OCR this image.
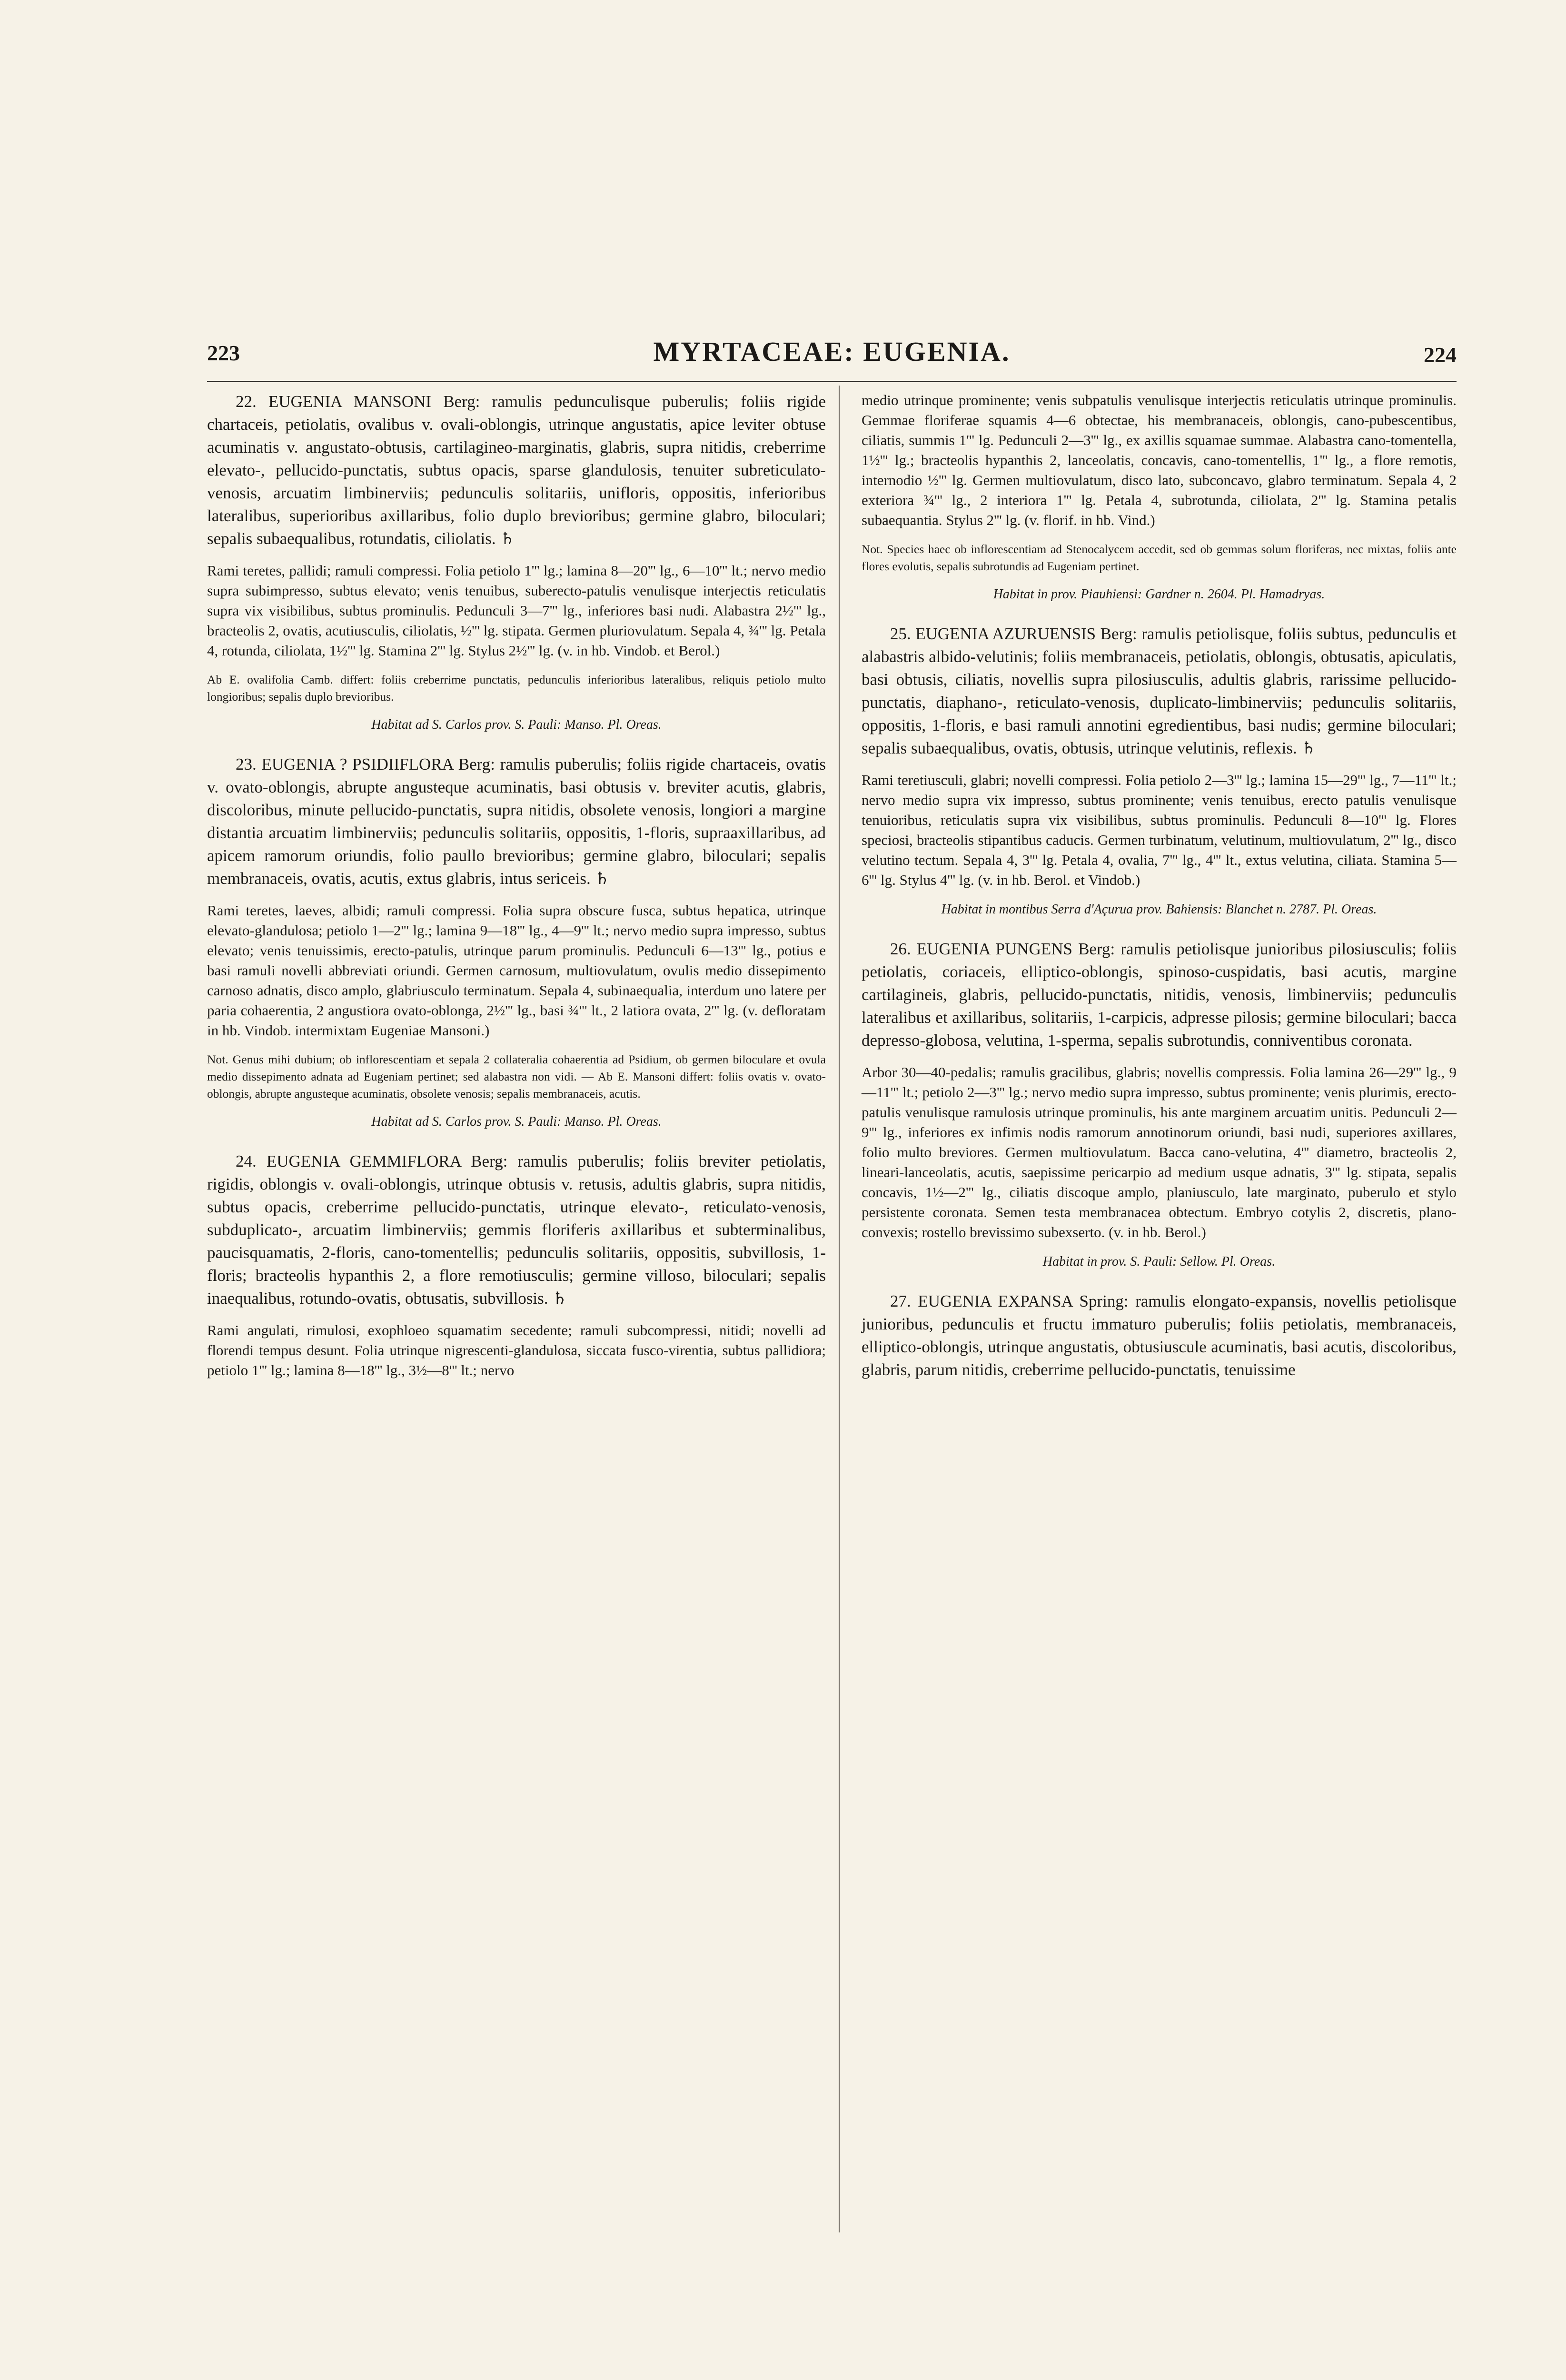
223	MYRTACEAE: EUGENIA.	224

22. EUGENIA MANSONI Berg: ramulis pedunculisque puberulis; foliis rigide chartaceis, petiolatis, ovalibus v. ovali-oblongis, utrinque angustatis, apice leviter obtuse acuminatis v. angustato-obtusis, cartilagineo-marginatis, glabris, supra nitidis, creberrime elevato-, pellucido-punctatis, subtus opacis, sparse glandulosis, tenuiter subreticulato-venosis, arcuatim limbinerviis; pedunculis solitariis, unifloris, oppositis, inferioribus lateralibus, superioribus axillaribus, folio duplo brevioribus; germine glabro, biloculari; sepalis subaequalibus, rotundatis, ciliolatis. ♄

Rami teretes, pallidi; ramuli compressi. Folia petiolo 1''' lg.; lamina 8—20''' lg., 6—10''' lt.; nervo medio supra subimpresso, subtus elevato; venis tenuibus, suberecto-patulis venulisque interjectis reticulatis supra vix visibilibus, subtus prominulis. Pedunculi 3—7''' lg., inferiores basi nudi. Alabastra 2½''' lg., bracteolis 2, ovatis, acutiusculis, ciliolatis, ½''' lg. stipata. Germen pluriovulatum. Sepala 4, ¾''' lg. Petala 4, rotunda, ciliolata, 1½''' lg. Stamina 2''' lg. Stylus 2½''' lg. (v. in hb. Vindob. et Berol.)

Ab E. ovalifolia Camb. differt: foliis creberrime punctatis, pedunculis inferioribus lateralibus, reliquis petiolo multo longioribus; sepalis duplo brevioribus.

Habitat ad S. Carlos prov. S. Pauli: Manso. Pl. Oreas.

23. EUGENIA ? PSIDIIFLORA Berg: ramulis puberulis; foliis rigide chartaceis, ovatis v. ovato-oblongis, abrupte angusteque acuminatis, basi obtusis v. breviter acutis, glabris, discoloribus, minute pellucido-punctatis, supra nitidis, obsolete venosis, longiori a margine distantia arcuatim limbinerviis; pedunculis solitariis, oppositis, 1-floris, supraaxillaribus, ad apicem ramorum oriundis, folio paullo brevioribus; germine glabro, biloculari; sepalis membranaceis, ovatis, acutis, extus glabris, intus sericeis. ♄

Rami teretes, laeves, albidi; ramuli compressi. Folia supra obscure fusca, subtus hepatica, utrinque elevato-glandulosa; petiolo 1—2''' lg.; lamina 9—18''' lg., 4—9''' lt.; nervo medio supra impresso, subtus elevato; venis tenuissimis, erecto-patulis, utrinque parum prominulis. Pedunculi 6—13''' lg., potius e basi ramuli novelli abbreviati oriundi. Germen carnosum, multiovulatum, ovulis medio dissepimento carnoso adnatis, disco amplo, glabriusculo terminatum. Sepala 4, subinaequalia, interdum uno latere per paria cohaerentia, 2 angustiora ovato-oblonga, 2½''' lg., basi ¾''' lt., 2 latiora ovata, 2''' lg. (v. defloratam in hb. Vindob. intermixtam Eugeniae Mansoni.)

Not. Genus mihi dubium; ob inflorescentiam et sepala 2 collateralia cohaerentia ad Psidium, ob germen biloculare et ovula medio dissepimento adnata ad Eugeniam pertinet; sed alabastra non vidi. — Ab E. Mansoni differt: foliis ovatis v. ovato-oblongis, abrupte angusteque acuminatis, obsolete venosis; sepalis membranaceis, acutis.

Habitat ad S. Carlos prov. S. Pauli: Manso. Pl. Oreas.

24. EUGENIA GEMMIFLORA Berg: ramulis puberulis; foliis breviter petiolatis, rigidis, oblongis v. ovali-oblongis, utrinque obtusis v. retusis, adultis glabris, supra nitidis, subtus opacis, creberrime pellucido-punctatis, utrinque elevato-, reticulato-venosis, subduplicato-, arcuatim limbinerviis; gemmis floriferis axillaribus et subterminalibus, paucisquamatis, 2-floris, cano-tomentellis; pedunculis solitariis, oppositis, subvillosis, 1-floris; bracteolis hypanthis 2, a flore remotiusculis; germine villoso, biloculari; sepalis inaequalibus, rotundo-ovatis, obtusatis, subvillosis. ♄

Rami angulati, rimulosi, exophloeo squamatim secedente; ramuli subcompressi, nitidi; novelli ad florendi tempus desunt. Folia utrinque nigrescenti-glandulosa, siccata fusco-virentia, subtus pallidiora; petiolo 1''' lg.; lamina 8—18''' lg., 3½—8''' lt.; nervo

medio utrinque prominente; venis subpatulis venulisque interjectis reticulatis utrinque prominulis. Gemmae floriferae squamis 4—6 obtectae, his membranaceis, oblongis, cano-pubescentibus, ciliatis, summis 1''' lg. Pedunculi 2—3''' lg., ex axillis squamae summae. Alabastra cano-tomentella, 1½''' lg.; bracteolis hypanthis 2, lanceolatis, concavis, cano-tomentellis, 1''' lg., a flore remotis, internodio ½''' lg. Germen multiovulatum, disco lato, subconcavo, glabro terminatum. Sepala 4, 2 exteriora ¾''' lg., 2 interiora 1''' lg. Petala 4, subrotunda, ciliolata, 2''' lg. Stamina petalis subaequantia. Stylus 2''' lg. (v. florif. in hb. Vind.)

Not. Species haec ob inflorescentiam ad Stenocalycem accedit, sed ob gemmas solum floriferas, nec mixtas, foliis ante flores evolutis, sepalis subrotundis ad Eugeniam pertinet.

Habitat in prov. Piauhiensi: Gardner n. 2604. Pl. Hamadryas.

25. EUGENIA AZURUENSIS Berg: ramulis petiolisque, foliis subtus, pedunculis et alabastris albido-velutinis; foliis membranaceis, petiolatis, oblongis, obtusatis, apiculatis, basi obtusis, ciliatis, novellis supra pilosiusculis, adultis glabris, rarissime pellucido-punctatis, diaphano-, reticulato-venosis, duplicato-limbinerviis; pedunculis solitariis, oppositis, 1-floris, e basi ramuli annotini egredientibus, basi nudis; germine biloculari; sepalis subaequalibus, ovatis, obtusis, utrinque velutinis, reflexis. ♄

Rami teretiusculi, glabri; novelli compressi. Folia petiolo 2—3''' lg.; lamina 15—29''' lg., 7—11''' lt.; nervo medio supra vix impresso, subtus prominente; venis tenuibus, erecto patulis venulisque tenuioribus, reticulatis supra vix visibilibus, subtus prominulis. Pedunculi 8—10''' lg. Flores speciosi, bracteolis stipantibus caducis. Germen turbinatum, velutinum, multiovulatum, 2''' lg., disco velutino tectum. Sepala 4, 3''' lg. Petala 4, ovalia, 7''' lg., 4''' lt., extus velutina, ciliata. Stamina 5—6''' lg. Stylus 4''' lg. (v. in hb. Berol. et Vindob.)

Habitat in montibus Serra d'Açurua prov. Bahiensis: Blanchet n. 2787. Pl. Oreas.

26. EUGENIA PUNGENS Berg: ramulis petiolisque junioribus pilosiusculis; foliis petiolatis, coriaceis, elliptico-oblongis, spinoso-cuspidatis, basi acutis, margine cartilagineis, glabris, pellucido-punctatis, nitidis, venosis, limbinerviis; pedunculis lateralibus et axillaribus, solitariis, 1-carpicis, adpresse pilosis; germine biloculari; bacca depresso-globosa, velutina, 1-sperma, sepalis subrotundis, conniventibus coronata.

Arbor 30—40-pedalis; ramulis gracilibus, glabris; novellis compressis. Folia lamina 26—29''' lg., 9—11''' lt.; petiolo 2—3''' lg.; nervo medio supra impresso, subtus prominente; venis plurimis, erecto-patulis venulisque ramulosis utrinque prominulis, his ante marginem arcuatim unitis. Pedunculi 2—9''' lg., inferiores ex infimis nodis ramorum annotinorum oriundi, basi nudi, superiores axillares, folio multo breviores. Germen multiovulatum. Bacca cano-velutina, 4''' diametro, bracteolis 2, lineari-lanceolatis, acutis, saepissime pericarpio ad medium usque adnatis, 3''' lg. stipata, sepalis concavis, 1½—2''' lg., ciliatis discoque amplo, planiusculo, late marginato, puberulo et stylo persistente coronata. Semen testa membranacea obtectum. Embryo cotylis 2, discretis, plano-convexis; rostello brevissimo subexserto. (v. in hb. Berol.)

Habitat in prov. S. Pauli: Sellow. Pl. Oreas.

27. EUGENIA EXPANSA Spring: ramulis elongato-expansis, novellis petiolisque junioribus, pedunculis et fructu immaturo puberulis; foliis petiolatis, membranaceis, elliptico-oblongis, utrinque angustatis, obtusiuscule acuminatis, basi acutis, discoloribus, glabris, parum nitidis, creberrime pellucido-punctatis, tenuissime
